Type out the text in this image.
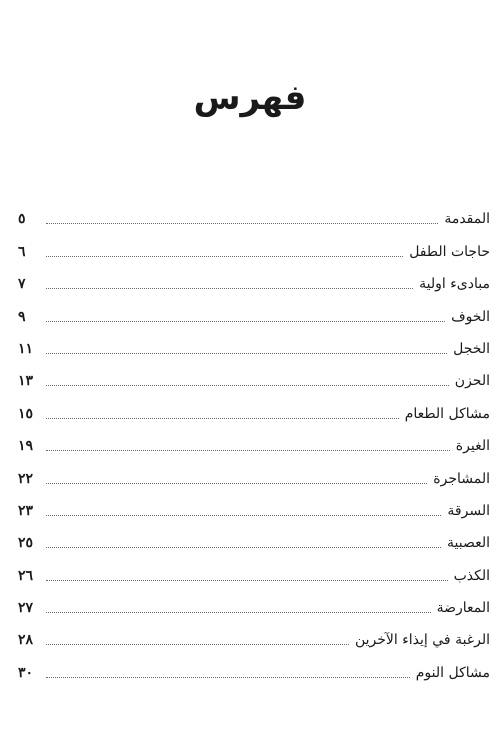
فهرس
المقدمة
٥
حاجات الطفل
٦
مبادىء اولية
٧
الخوف
٩
الخجل
١١
الحزن
١٣
مشاكل الطعام
١٥
الغيرة
١٩
المشاجرة
٢٢
السرقة
٢٣
العصبية
٢٥
الكذب
٢٦
المعارضة
٢٧
الرغبة في إيذاء الآخرين
٢٨
مشاكل النوم
٣٠
